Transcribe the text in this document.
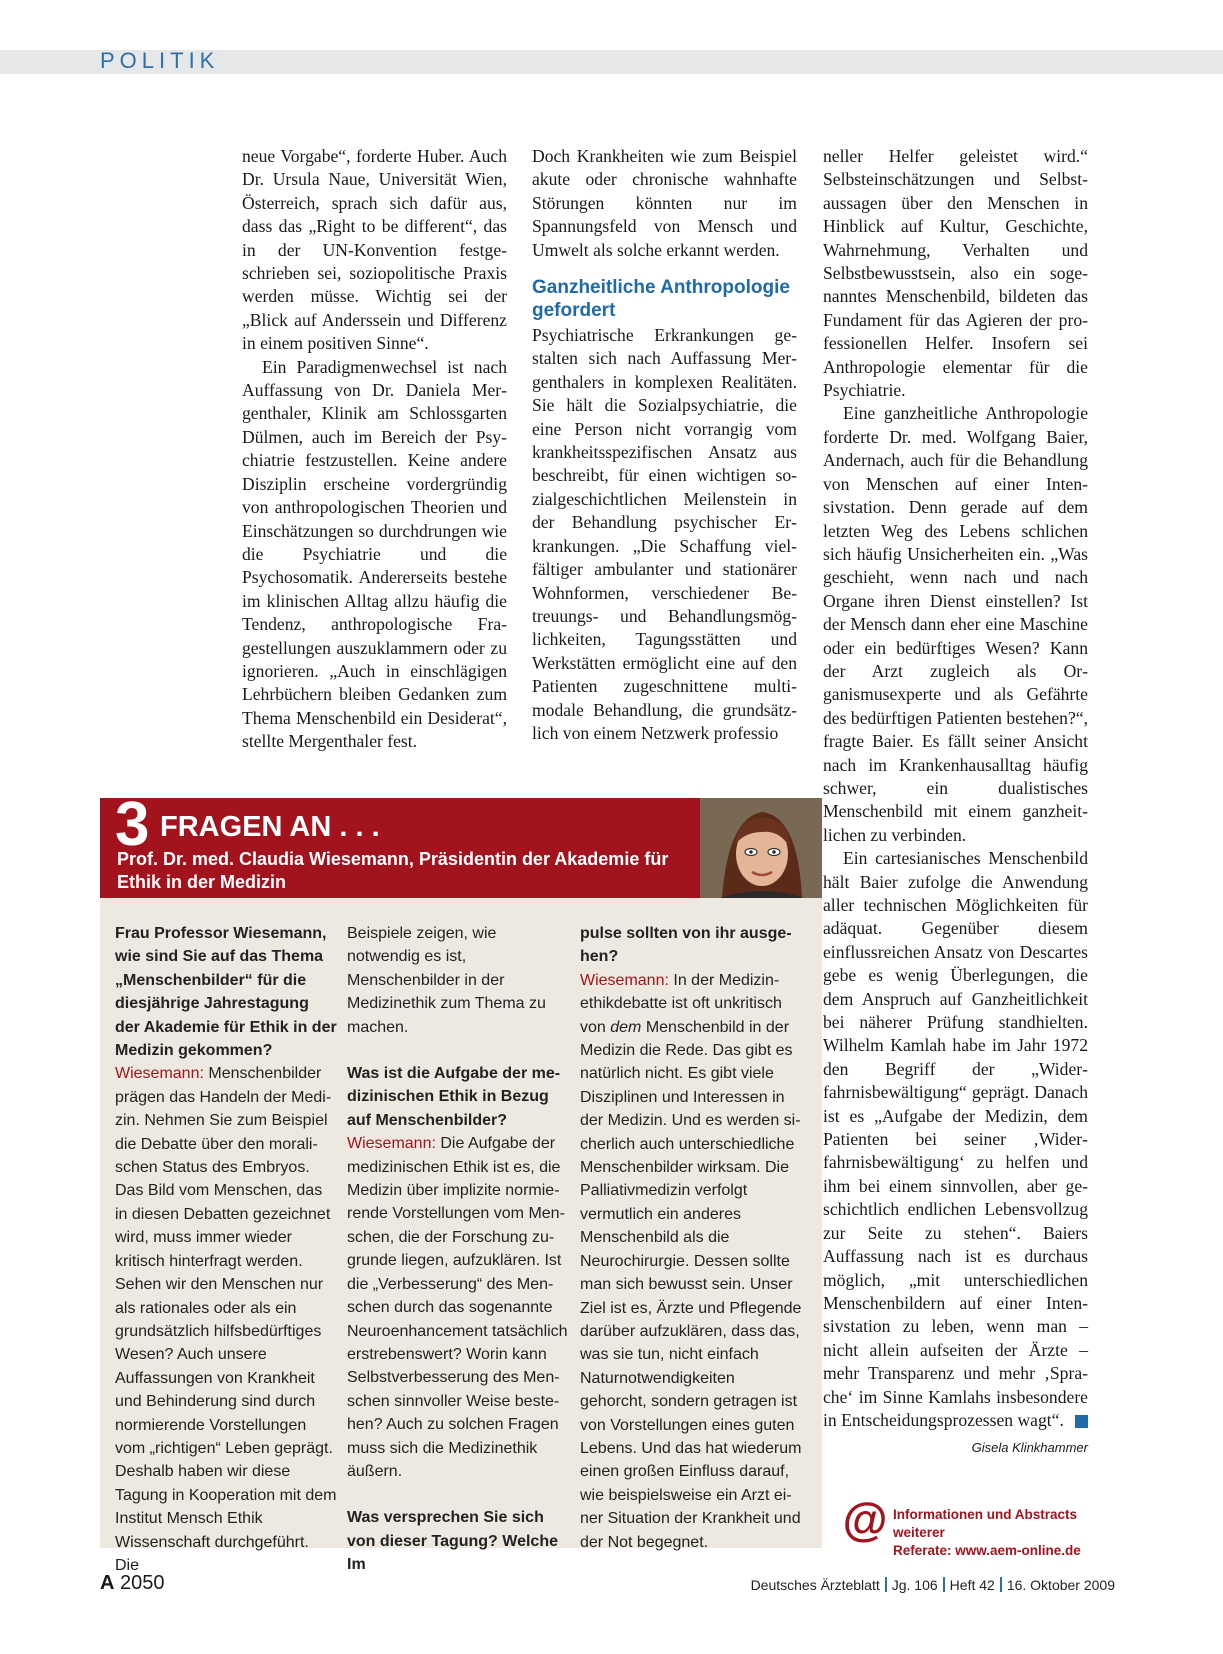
POLITIK

neue Vorgabe“, forderte Huber. Auch Dr. Ursula Naue, Universität Wien, Österreich, sprach sich dafür aus, dass das „Right to be different“, das in der UN-Konvention festgeschrieben sei, soziopolitische Praxis werden müsse. Wichtig sei der „Blick auf Anderssein und Differenz in einem positiven Sinne“.

Ein Paradigmenwechsel ist nach Auffassung von Dr. Daniela Mergenthaler, Klinik am Schlossgarten Dülmen, auch im Bereich der Psychiatrie festzustellen. Keine andere Disziplin erscheine vordergründig von anthropologischen Theorien und Einschätzungen so durchdrungen wie die Psychiatrie und die Psychosomatik. Andererseits bestehe im klinischen Alltag allzu häufig die Tendenz, anthropologische Fragestellungen auszuklammern oder zu ignorieren. „Auch in einschlägigen Lehrbüchern bleiben Gedanken zum Thema Menschenbild ein Desiderat“, stellte Mergenthaler fest.

Doch Krankheiten wie zum Beispiel akute oder chronische wahnhafte Störungen könnten nur im Spannungsfeld von Mensch und Umwelt als solche erkannt werden.

Ganzheitliche Anthropologie gefordert

Psychiatrische Erkrankungen gestalten sich nach Auffassung Mergenthalers in komplexen Realitäten. Sie hält die Sozialpsychiatrie, die eine Person nicht vorrangig vom krankheitsspezifischen Ansatz aus beschreibt, für einen wichtigen sozialgeschichtlichen Meilenstein in der Behandlung psychischer Erkrankungen. „Die Schaffung vielfältiger ambulanter und stationärer Wohnformen, verschiedener Betreuungs- und Behandlungsmöglichkeiten, Tagungsstätten und Werkstätten ermöglicht eine auf den Patienten zugeschnittene multimodale Behandlung, die grundsätzlich von einem Netzwerk professio

neller Helfer geleistet wird.“ Selbsteinschätzungen und Selbstaussagen über den Menschen in Hinblick auf Kultur, Geschichte, Wahrnehmung, Verhalten und Selbstbewusstsein, also ein sogenanntes Menschenbild, bildeten das Fundament für das Agieren der professionellen Helfer. Insofern sei Anthropologie elementar für die Psychiatrie.

Eine ganzheitliche Anthropologie forderte Dr. med. Wolfgang Baier, Andernach, auch für die Behandlung von Menschen auf einer Intensivstation. Denn gerade auf dem letzten Weg des Lebens schlichen sich häufig Unsicherheiten ein. „Was geschieht, wenn nach und nach Organe ihren Dienst einstellen? Ist der Mensch dann eher eine Maschine oder ein bedürftiges Wesen? Kann der Arzt zugleich als Organismusexperte und als Gefährte des bedürftigen Patienten bestehen?“, fragte Baier. Es fällt seiner Ansicht nach im Krankenhausalltag häufig schwer, ein dualistisches Menschenbild mit einem ganzheitlichen zu verbinden.

Ein cartesianisches Menschenbild hält Baier zufolge die Anwendung aller technischen Möglichkeiten für adäquat. Gegenüber diesem einflussreichen Ansatz von Descartes gebe es wenig Überlegungen, die dem Anspruch auf Ganzheitlichkeit bei näherer Prüfung standhielten. Wilhelm Kamlah habe im Jahr 1972 den Begriff der „Widerfahrnisbewältigung“ geprägt. Danach ist es „Aufgabe der Medizin, dem Patienten bei seiner ‚Widerfahrnisbewältigung‘ zu helfen und ihm bei einem sinnvollen, aber geschichtlich endlichen Lebensvollzug zur Seite zu stehen“. Baiers Auffassung nach ist es durchaus möglich, „mit unterschiedlichen Menschenbildern auf einer Intensivstation zu leben, wenn man – nicht allein aufseiten der Ärzte – mehr Transparenz und mehr ‚Sprache‘ im Sinne Kamlahs insbesondere in Entscheidungsprozessen wagt“.

Gisela Klinkhammer
3 FRAGEN AN . . .
Prof. Dr. med. Claudia Wiesemann, Präsidentin der Akademie für Ethik in der Medizin

Frau Professor Wiesemann, wie sind Sie auf das Thema „Menschenbilder“ für die diesjährige Jahrestagung der Akademie für Ethik in der Medizin gekommen?

Wiesemann: Menschenbilder prägen das Handeln der Medizin. Nehmen Sie zum Beispiel die Debatte über den moralischen Status des Embryos. Das Bild vom Menschen, das in diesen Debatten gezeichnet wird, muss immer wieder kritisch hinterfragt werden. Sehen wir den Menschen nur als rationales oder als ein grundsätzlich hilfsbedürftiges Wesen? Auch unsere Auffassungen von Krankheit und Behinderung sind durch normierende Vorstellungen vom „richtigen“ Leben geprägt. Deshalb haben wir diese Tagung in Kooperation mit dem Institut Mensch Ethik Wissenschaft durchgeführt. Die

Beispiele zeigen, wie notwendig es ist, Menschenbilder in der Medizinethik zum Thema zu machen.

Was ist die Aufgabe der medizinischen Ethik in Bezug auf Menschenbilder?

Wiesemann: Die Aufgabe der medizinischen Ethik ist es, die Medizin über implizite normierende Vorstellungen vom Menschen, die der Forschung zugrunde liegen, aufzuklären. Ist die „Verbesserung“ des Menschen durch das sogenannte Neuroenhancement tatsächlich erstrebenswert? Worin kann Selbstverbesserung des Menschen sinnvoller Weise bestehen? Auch zu solchen Fragen muss sich die Medizinethik äußern.

Was versprechen Sie sich von dieser Tagung? Welche Im

pulse sollten von ihr ausgehen?

Wiesemann: In der Medizinethikdebatte ist oft unkritisch von dem Menschenbild in der Medizin die Rede. Das gibt es natürlich nicht. Es gibt viele Disziplinen und Interessen in der Medizin. Und es werden sicherlich auch unterschiedliche Menschenbilder wirksam. Die Palliativmedizin verfolgt vermutlich ein anderes Menschenbild als die Neurochirurgie. Dessen sollte man sich bewusst sein. Unser Ziel ist es, Ärzte und Pflegende darüber aufzuklären, dass das, was sie tun, nicht einfach Naturnotwendigkeiten gehorcht, sondern getragen ist von Vorstellungen eines guten Lebens. Und das hat wiederum einen großen Einfluss darauf, wie beispielsweise ein Arzt einer Situation der Krankheit und der Not begegnet.	@ Informationen und Abstracts weiterer
Referate: www.aem-online.de
A 2050	Deutsches Ärzteblatt Jg. 106 Heft 42 16. Oktober 2009
